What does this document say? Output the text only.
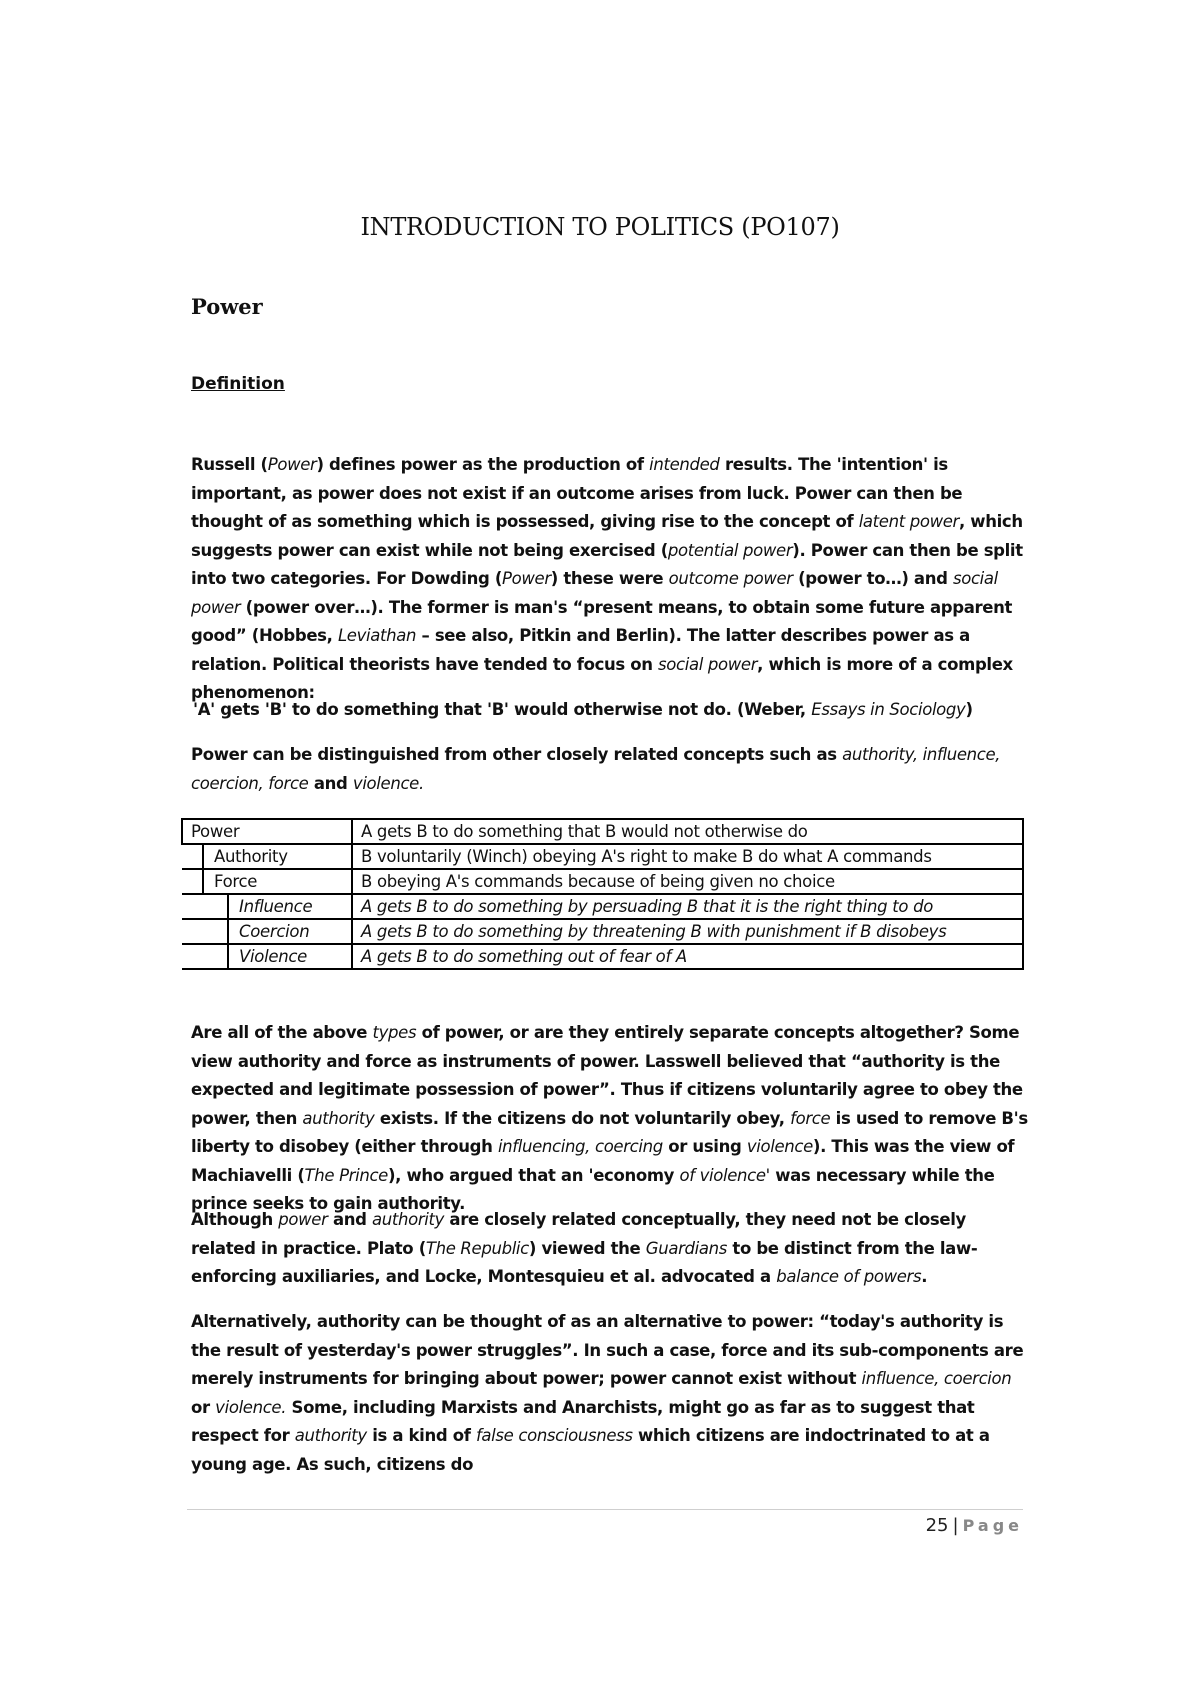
INTRODUCTION TO POLITICS (PO107)
Power
Definition

Russell (Power) defines power as the production of intended results. The 'intention' is important, as power does not exist if an outcome arises from luck. Power can then be thought of as something which is possessed, giving rise to the concept of latent power, which suggests power can exist while not being exercised (potential power). Power can then be split into two categories. For Dowding (Power) these were outcome power (power to…) and social power (power over…). The former is man's “present means, to obtain some future apparent good” (Hobbes, Leviathan – see also, Pitkin and Berlin). The latter describes power as a relation. Political theorists have tended to focus on social power, which is more of a complex phenomenon:

'A' gets 'B' to do something that 'B' would otherwise not do. (Weber, Essays in Sociology)

Power can be distinguished from other closely related concepts such as authority, influence, coercion, force and violence.

Power	A gets B to do something that B would not otherwise do

Authority	B voluntarily (Winch) obeying A's right to make B do what A commands

Force	B obeying A's commands because of being given no choice

Influence	A gets B to do something by persuading B that it is the right thing to do

Coercion	A gets B to do something by threatening B with punishment if B disobeys

Violence	A gets B to do something out of fear of A

Are all of the above types of power, or are they entirely separate concepts altogether? Some view authority and force as instruments of power. Lasswell believed that “authority is the expected and legitimate possession of power”. Thus if citizens voluntarily agree to obey the power, then authority exists. If the citizens do not voluntarily obey, force is used to remove B's liberty to disobey (either through influencing, coercing or using violence). This was the view of Machiavelli (The Prince), who argued that an 'economy of violence' was necessary while the prince seeks to gain authority.

Although power and authority are closely related conceptually, they need not be closely related in practice. Plato (The Republic) viewed the Guardians to be distinct from the law-enforcing auxiliaries, and Locke, Montesquieu et al. advocated a balance of powers.

Alternatively, authority can be thought of as an alternative to power: “today's authority is the result of yesterday's power struggles”. In such a case, force and its sub-components are merely instruments for bringing about power; power cannot exist without influence, coercion or violence. Some, including Marxists and Anarchists, might go as far as to suggest that respect for authority is a kind of false consciousness which citizens are indoctrinated to at a young age. As such, citizens do

25 | Page
